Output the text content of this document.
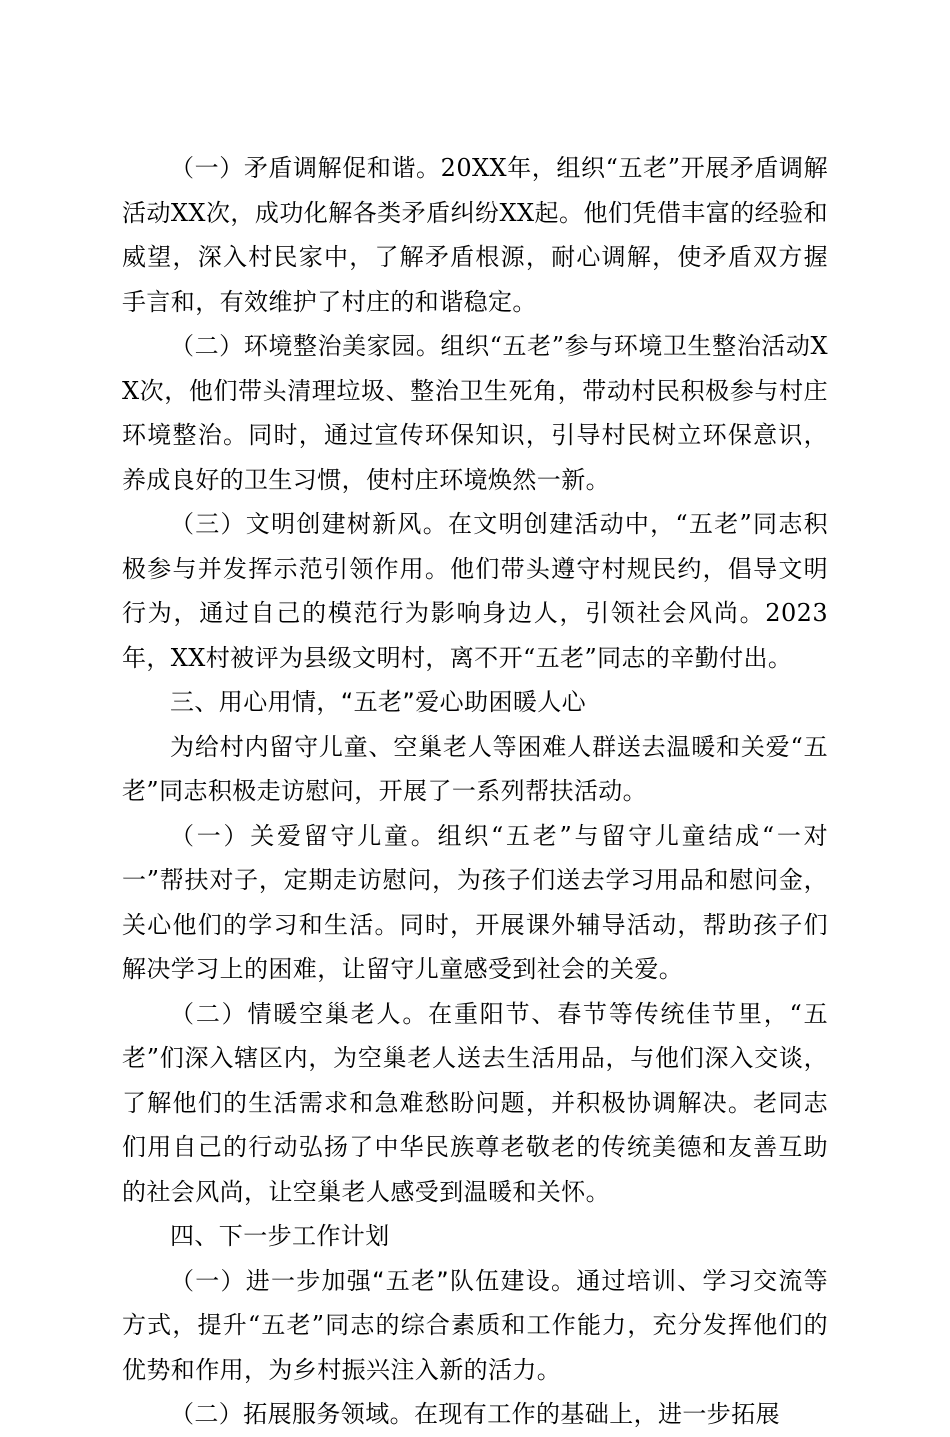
（一）矛盾调解促和谐。20XX年，组织“五老”开展矛盾调解活动XX次，成功化解各类矛盾纠纷XX起。他们凭借丰富的经验和威望，深入村民家中，了解矛盾根源，耐心调解，使矛盾双方握手言和，有效维护了村庄的和谐稳定。

（二）环境整治美家园。组织“五老”参与环境卫生整治活动XX次，他们带头清理垃圾、整治卫生死角，带动村民积极参与村庄环境整治。同时，通过宣传环保知识，引导村民树立环保意识，养成良好的卫生习惯，使村庄环境焕然一新。

（三）文明创建树新风。在文明创建活动中，“五老”同志积极参与并发挥示范引领作用。他们带头遵守村规民约，倡导文明行为，通过自己的模范行为影响身边人，引领社会风尚。2023年，XX村被评为县级文明村，离不开“五老”同志的辛勤付出。

三、用心用情，“五老”爱心助困暖人心

为给村内留守儿童、空巢老人等困难人群送去温暖和关爱“五老”同志积极走访慰问，开展了一系列帮扶活动。

（一）关爱留守儿童。组织“五老”与留守儿童结成“一对一”帮扶对子，定期走访慰问，为孩子们送去学习用品和慰问金，关心他们的学习和生活。同时，开展课外辅导活动，帮助孩子们解决学习上的困难，让留守儿童感受到社会的关爱。

（二）情暖空巢老人。在重阳节、春节等传统佳节里，“五老”们深入辖区内，为空巢老人送去生活用品，与他们深入交谈，了解他们的生活需求和急难愁盼问题，并积极协调解决。老同志们用自己的行动弘扬了中华民族尊老敬老的传统美德和友善互助的社会风尚，让空巢老人感受到温暖和关怀。

四、下一步工作计划

（一）进一步加强“五老”队伍建设。通过培训、学习交流等方式，提升“五老”同志的综合素质和工作能力，充分发挥他们的优势和作用，为乡村振兴注入新的活力。

（二）拓展服务领域。在现有工作的基础上，进一步拓展
